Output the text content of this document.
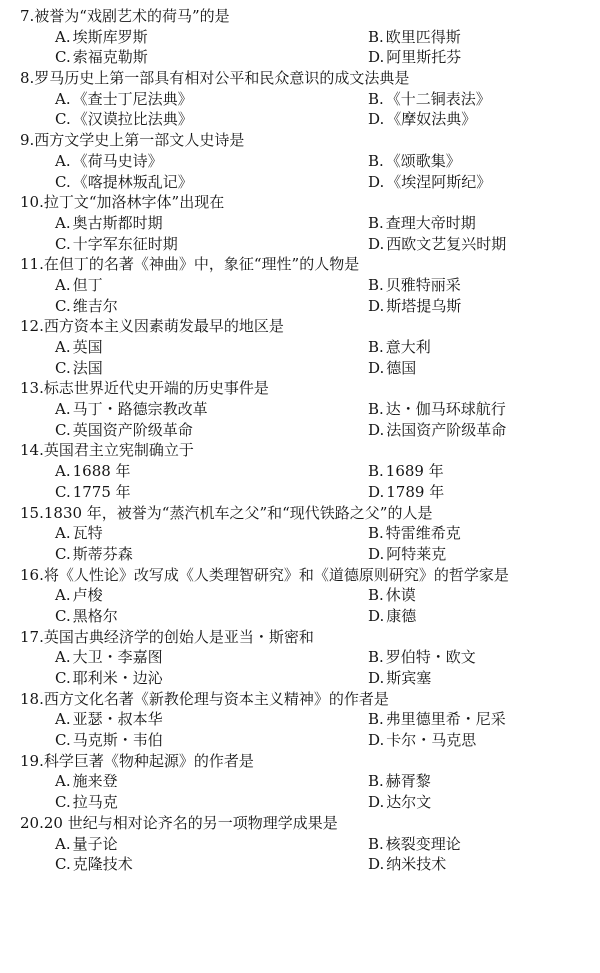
7.被誉为“戏剧艺术的荷马”的是
A. 埃斯库罗斯	B. 欧里匹得斯
C. 索福克勒斯	D. 阿里斯托芬
8.罗马历史上第一部具有相对公平和民众意识的成文法典是
A. 《查士丁尼法典》	B. 《十二铜表法》
C. 《汉谟拉比法典》	D. 《摩奴法典》
9.西方文学史上第一部文人史诗是
A. 《荷马史诗》	B. 《颂歌集》
C. 《喀提林叛乱记》	D. 《埃涅阿斯纪》
10.拉丁文“加洛林字体”出现在
A. 奥古斯都时期	B. 查理大帝时期
C. 十字军东征时期	D. 西欧文艺复兴时期
11.在但丁的名著《神曲》中，象征“理性”的人物是
A. 但丁	B. 贝雅特丽采
C. 维吉尔	D. 斯塔提乌斯
12.西方资本主义因素萌发最早的地区是
A. 英国	B. 意大利
C. 法国	D. 德国
13.标志世界近代史开端的历史事件是
A. 马丁・路德宗教改革	B. 达・伽马环球航行
C. 英国资产阶级革命	D. 法国资产阶级革命
14.英国君主立宪制确立于
A. 1688 年	B. 1689 年
C. 1775 年	D. 1789 年
15.1830 年，被誉为“蒸汽机车之父”和“现代铁路之父”的人是
A. 瓦特	B. 特雷维希克
C. 斯蒂芬森	D. 阿特莱克
16.将《人性论》改写成《人类理智研究》和《道德原则研究》的哲学家是
A. 卢梭	B. 休谟
C. 黑格尔	D. 康德
17.英国古典经济学的创始人是亚当・斯密和
A. 大卫・李嘉图	B. 罗伯特・欧文
C. 耶利米・边沁	D. 斯宾塞
18.西方文化名著《新教伦理与资本主义精神》的作者是
A. 亚瑟・叔本华	B. 弗里德里希・尼采
C. 马克斯・韦伯	D. 卡尔・马克思
19.科学巨著《物种起源》的作者是
A. 施来登	B. 赫胥黎
C. 拉马克	D. 达尔文
20.20 世纪与相对论齐名的另一项物理学成果是
A. 量子论	B. 核裂变理论
C. 克隆技术	D. 纳米技术
